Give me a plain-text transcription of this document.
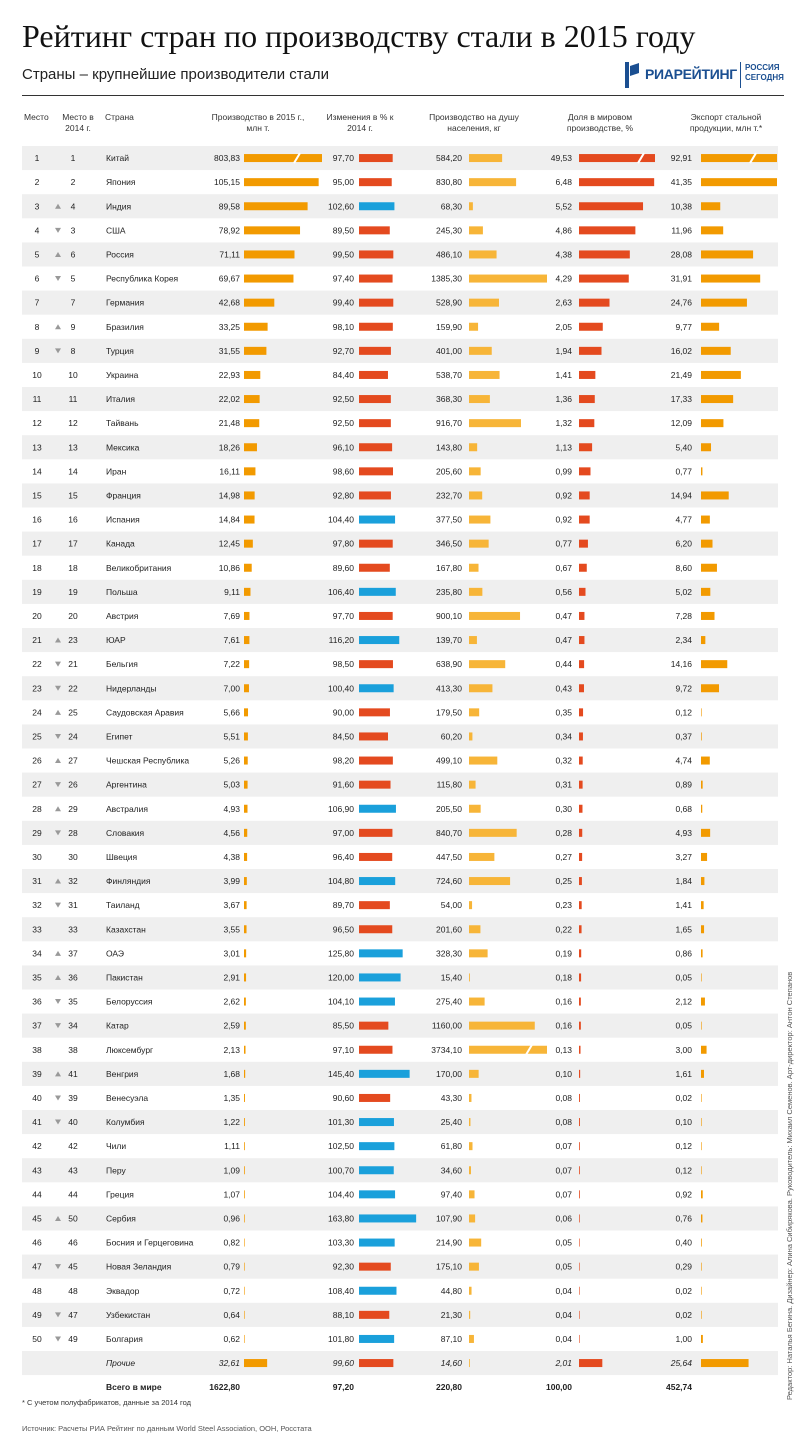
Рейтинг стран по производству стали в 2015 году
Страны – крупнейшие производители стали	РИАРЕЙТИНГ РОССИЯ СЕГОДНЯ
Место	Место в 2014 г.
Страна	Производство в 2015 г., млн т.
Изменения в % к 2014 г.
Производство на душу населения, кг
Доля в мировом производстве, %
Экспорт стальной продукции, млн т.*
1	1	Китай	803,83	97,70	584,20	49,53	92,91
2	2	Япония	105,15	95,00	830,80	6,48	41,35
3	4	Индия	89,58	102,60	68,30	5,52	10,38
4	3	США	78,92	89,50	245,30	4,86	11,96
5	6	Россия	71,11	99,50	486,10	4,38	28,08
6	5	Республика Корея	69,67	97,40	1385,30	4,29	31,91
7	7	Германия	42,68	99,40	528,90	2,63	24,76
8	9	Бразилия	33,25	98,10	159,90	2,05	9,77
9	8	Турция	31,55	92,70	401,00	1,94	16,02
10	10	Украина	22,93	84,40	538,70	1,41	21,49
11	11	Италия	22,02	92,50	368,30	1,36	17,33
12	12	Тайвань	21,48	92,50	916,70	1,32	12,09
13	13	Мексика	18,26	96,10	143,80	1,13	5,40
14	14	Иран	16,11	98,60	205,60	0,99	0,77
15	15	Франция	14,98	92,80	232,70	0,92	14,94
16	16	Испания	14,84	104,40	377,50	0,92	4,77
17	17	Канада	12,45	97,80	346,50	0,77	6,20
18	18	Великобритания	10,86	89,60	167,80	0,67	8,60
19	19	Польша	9,11	106,40	235,80	0,56	5,02
20	20	Австрия	7,69	97,70	900,10	0,47	7,28
21	23	ЮАР	7,61	116,20	139,70	0,47	2,34
22	21	Бельгия	7,22	98,50	638,90	0,44	14,16
23	22	Нидерланды	7,00	100,40	413,30	0,43	9,72
24	25	Саудовская Аравия	5,66	90,00	179,50	0,35	0,12
25	24	Египет	5,51	84,50	60,20	0,34	0,37
26	27	Чешская Республика	5,26	98,20	499,10	0,32	4,74
27	26	Аргентина	5,03	91,60	115,80	0,31	0,89
28	29	Австралия	4,93	106,90	205,50	0,30	0,68
29	28	Словакия	4,56	97,00	840,70	0,28	4,93
30	30	Швеция	4,38	96,40	447,50	0,27	3,27
31	32	Финляндия	3,99	104,80	724,60	0,25	1,84
32	31	Таиланд	3,67	89,70	54,00	0,23	1,41
33	33	Казахстан	3,55	96,50	201,60	0,22	1,65
34	37	ОАЭ	3,01	125,80	328,30	0,19	0,86
35	36	Пакистан	2,91	120,00	15,40	0,18	0,05
36	35	Белоруссия	2,62	104,10	275,40	0,16	2,12
37	34	Катар	2,59	85,50	1160,00	0,16	0,05
38	38	Люксембург	2,13	97,10	3734,10	0,13	3,00
39	41	Венгрия	1,68	145,40	170,00	0,10	1,61
40	39	Венесуэла	1,35	90,60	43,30	0,08	0,02
41	40	Колумбия	1,22	101,30	25,40	0,08	0,10
42	42	Чили	1,11	102,50	61,80	0,07	0,12
43	43	Перу	1,09	100,70	34,60	0,07	0,12
44	44	Греция	1,07	104,40	97,40	0,07	0,92
45	50	Сербия	0,96	163,80	107,90	0,06	0,76
46	46	Босния и Герцеговина	0,82	103,30	214,90	0,05	0,40
47	45	Новая Зеландия	0,79	92,30	175,10	0,05	0,29
48	48	Эквадор	0,72	108,40	44,80	0,04	0,02
49	47	Узбекистан	0,64	88,10	21,30	0,04	0,02
50	49	Болгария	0,62	101,80	87,10	0,04	1,00
Прочие	32,61	99,60	14,60	2,01	25,64
Всего в мире	1622,80	97,20	220,80	100,00	452,74	Редактор: Наталья Бегина. Дизайнер: Алина Сибирякова. Руководитель: Михаил Семенов. Арт-директор: Антон Степанов
* С учетом полуфабрикатов, данные за 2014 год
Источник: Расчеты РИА Рейтинг по данным World Steel Association, ООН, Росстата
